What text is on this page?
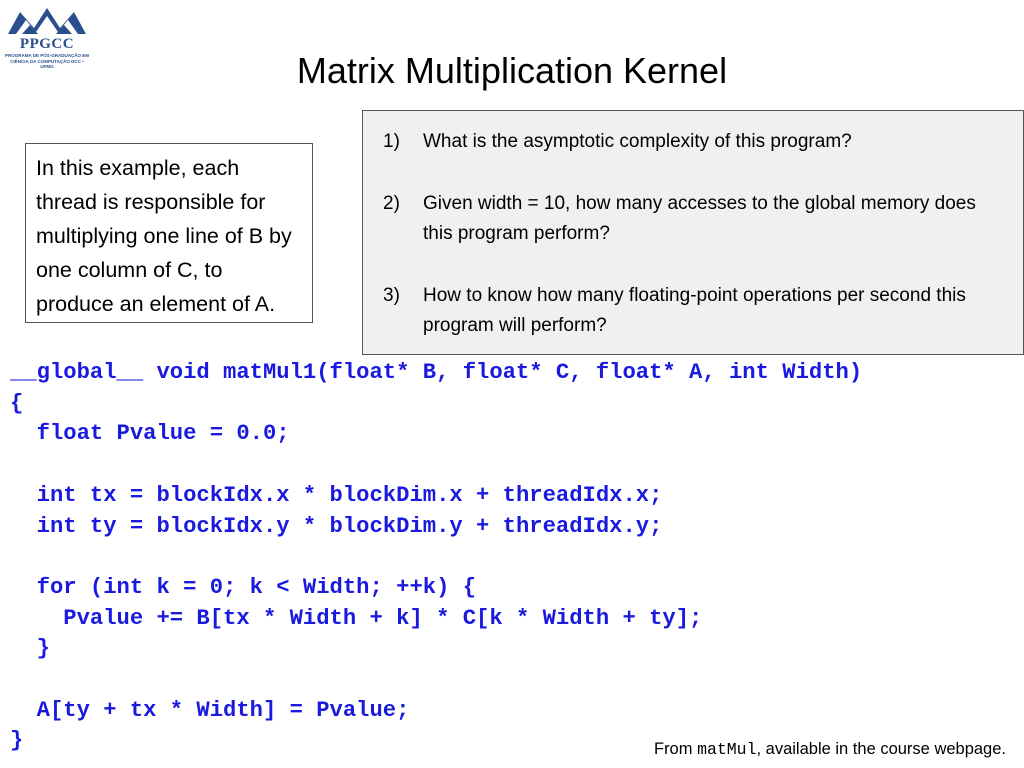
PPGCC
PROGRAMA DE PÓS-GRADUAÇÃO EM CIÊNCIA DA COMPUTAÇÃO DCC • UFMG	Matrix Multiplication Kernel
In this example, each thread is responsible for multiplying one line of B by one column of C, to produce an element of A.
1)	What is the asymptotic complexity of this program?
2)	Given width = 10, how many accesses to the global memory does this program perform?
3)	How to know how many floating-point operations per second this program will perform?
__global__ void matMul1(float* B, float* C, float* A, int Width)
{
float Pvalue = 0.0;

int tx = blockIdx.x * blockDim.x + threadIdx.x;
int ty = blockIdx.y * blockDim.y + threadIdx.y;

for (int k = 0; k < Width; ++k) {
Pvalue += B[tx * Width + k] * C[k * Width + ty];
}

A[ty + tx * Width] = Pvalue;
}	From matMul, available in the course webpage.
